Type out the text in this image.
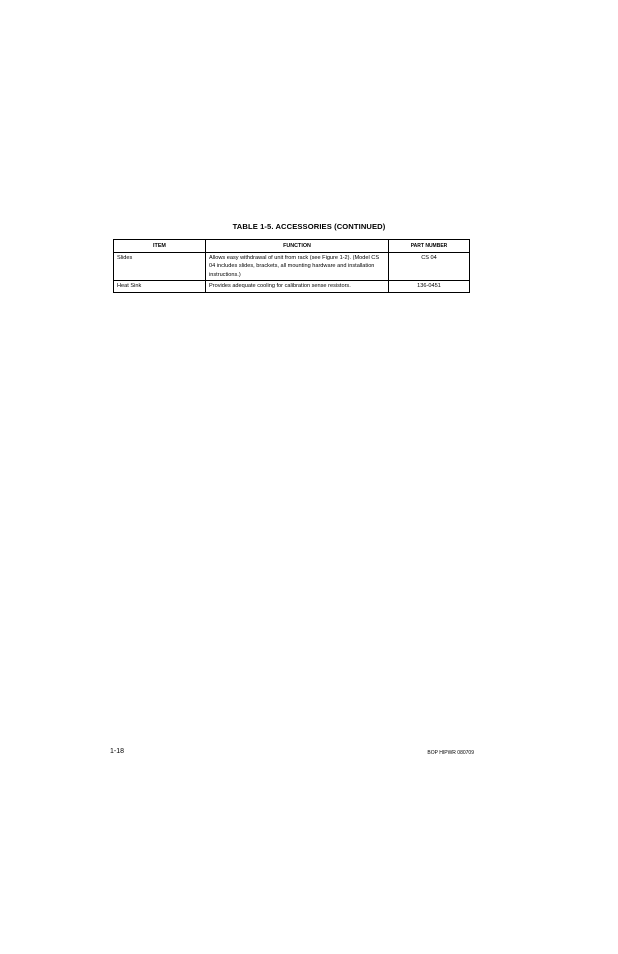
TABLE 1-5. ACCESSORIES (CONTINUED)
ITEM	FUNCTION	PART NUMBER
Slides	Allows easy withdrawal of unit from rack (see Figure 1-2). (Model CS 04 includes slides, brackets, all mounting hardware and installation instructions.)	CS 04
Heat Sink	Provides adequate cooling for calibration sense resistors.	136-0451
1-18	BOP HIPWR 080709
